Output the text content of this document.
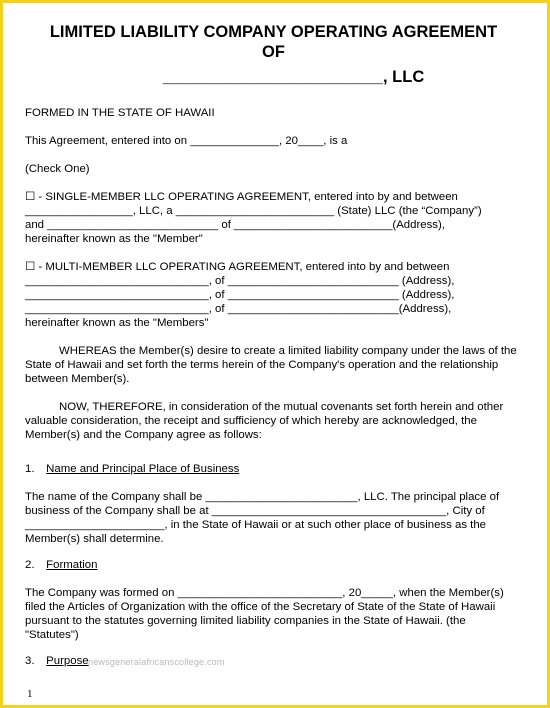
LIMITED LIABILITY COMPANY OPERATING AGREEMENT

OF

________________________, LLC

FORMED IN THE STATE OF HAWAII

This Agreement, entered into on ______________, 20____, is a

(Check One)

☐ - SINGLE-MEMBER LLC OPERATING AGREEMENT, entered into by and between

_________________, LLC, a _________________________ (State) LLC (the “Company”)

and ___________________________ of _________________________(Address),

hereinafter known as the "Member"

☐ - MULTI-MEMBER LLC OPERATING AGREEMENT, entered into by and between

_____________________________, of ___________________________ (Address),

_____________________________, of ___________________________ (Address),

_____________________________, of ___________________________(Address),

hereinafter known as the "Members"

WHEREAS the Member(s) desire to create a limited liability company under the laws of the State of Hawaii and set forth the terms herein of the Company's operation and the relationship between Member(s).

NOW, THEREFORE, in consideration of the mutual covenants set forth herein and other valuable consideration, the receipt and sufficiency of which hereby are acknowledged, the Member(s) and the Company agree as follows:

1. Name and Principal Place of Business

The name of the Company shall be ________________________, LLC. The principal place of business of the Company shall be at _____________________________________, City of ______________________, in the State of Hawaii or at such other place of business as the Member(s) shall determine.

2. Formation

The Company was formed on __________________________, 20_____, when the Member(s) filed the Articles of Organization with the office of the Secretary of State of the State of Hawaii pursuant to the statutes governing limited liability companies in the State of Hawaii. (the "Statutes")

3. Purpose newsgeneralafricanscollege.com
1
